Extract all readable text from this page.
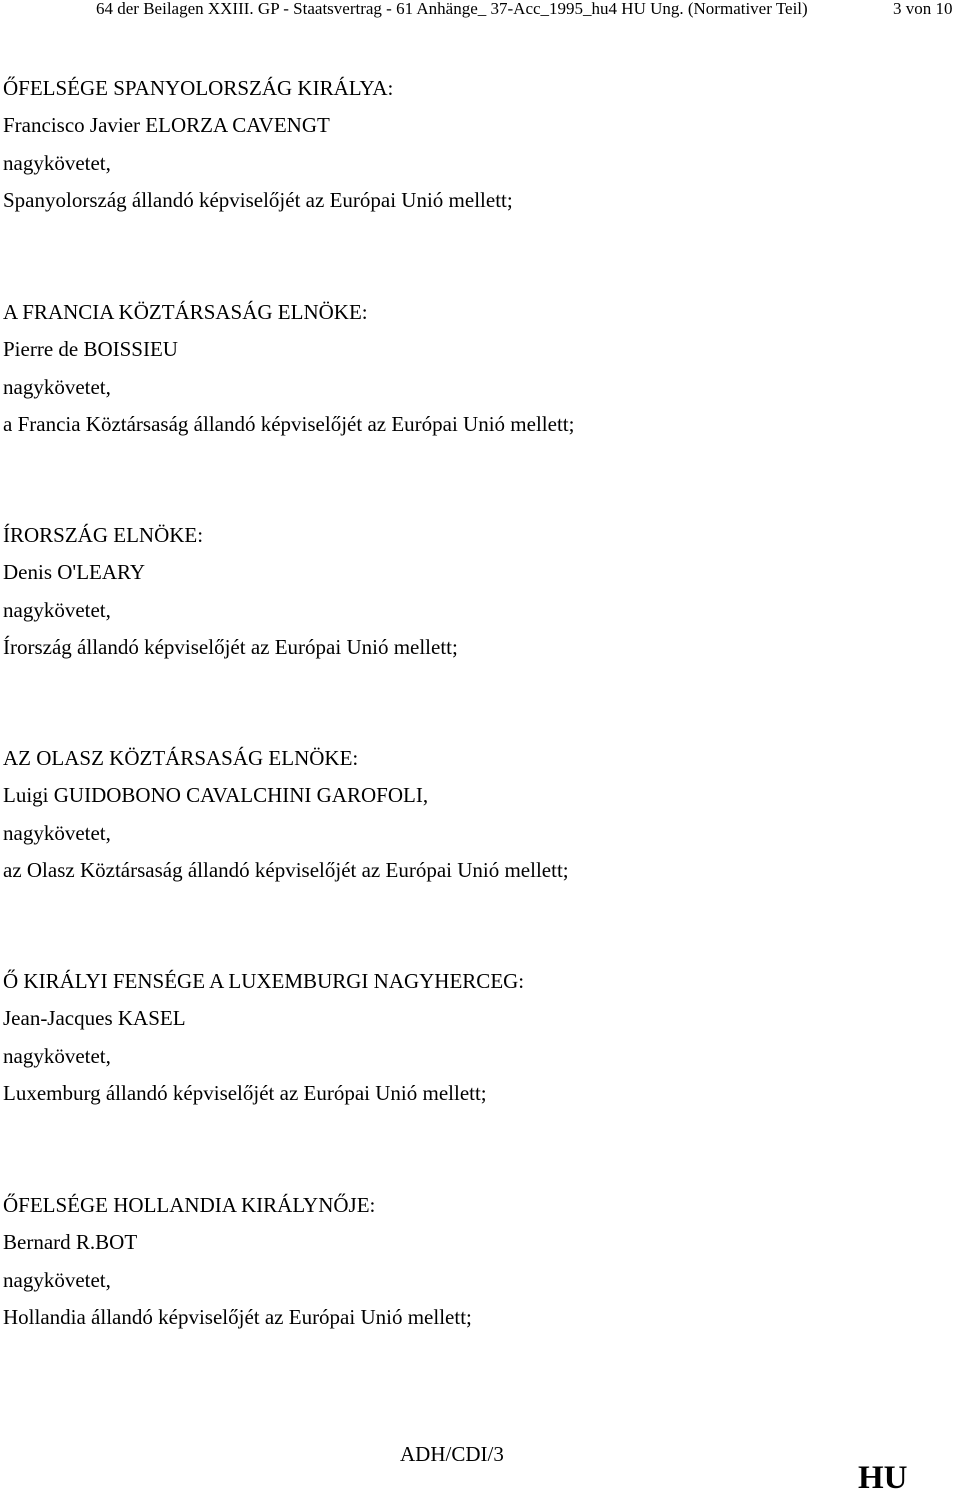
64 der Beilagen XXIII. GP - Staatsvertrag - 61 Anhänge_ 37-Acc_1995_hu4 HU Ung. (Normativer Teil)	3 von 10
ŐFELSÉGE SPANYOLORSZÁG KIRÁLYA:
Francisco Javier ELORZA CAVENGT
nagykövetet,
Spanyolország állandó képviselőjét az Európai Unió mellett;
A FRANCIA KÖZTÁRSASÁG ELNÖKE:
Pierre de BOISSIEU
nagykövetet,
a Francia Köztársaság állandó képviselőjét az Európai Unió mellett;
ÍRORSZÁG ELNÖKE:
Denis O'LEARY
nagykövetet,
Írország állandó képviselőjét az Európai Unió mellett;
AZ OLASZ KÖZTÁRSASÁG ELNÖKE:
Luigi GUIDOBONO CAVALCHINI GAROFOLI,
nagykövetet,
az Olasz Köztársaság állandó képviselőjét az Európai Unió mellett;
Ő KIRÁLYI FENSÉGE A LUXEMBURGI NAGYHERCEG:
Jean-Jacques KASEL
nagykövetet,
Luxemburg állandó képviselőjét az Európai Unió mellett;
ŐFELSÉGE HOLLANDIA KIRÁLYNŐJE:
Bernard R.BOT
nagykövetet,
Hollandia állandó képviselőjét az Európai Unió mellett;
ADH/CDI/3
HU
